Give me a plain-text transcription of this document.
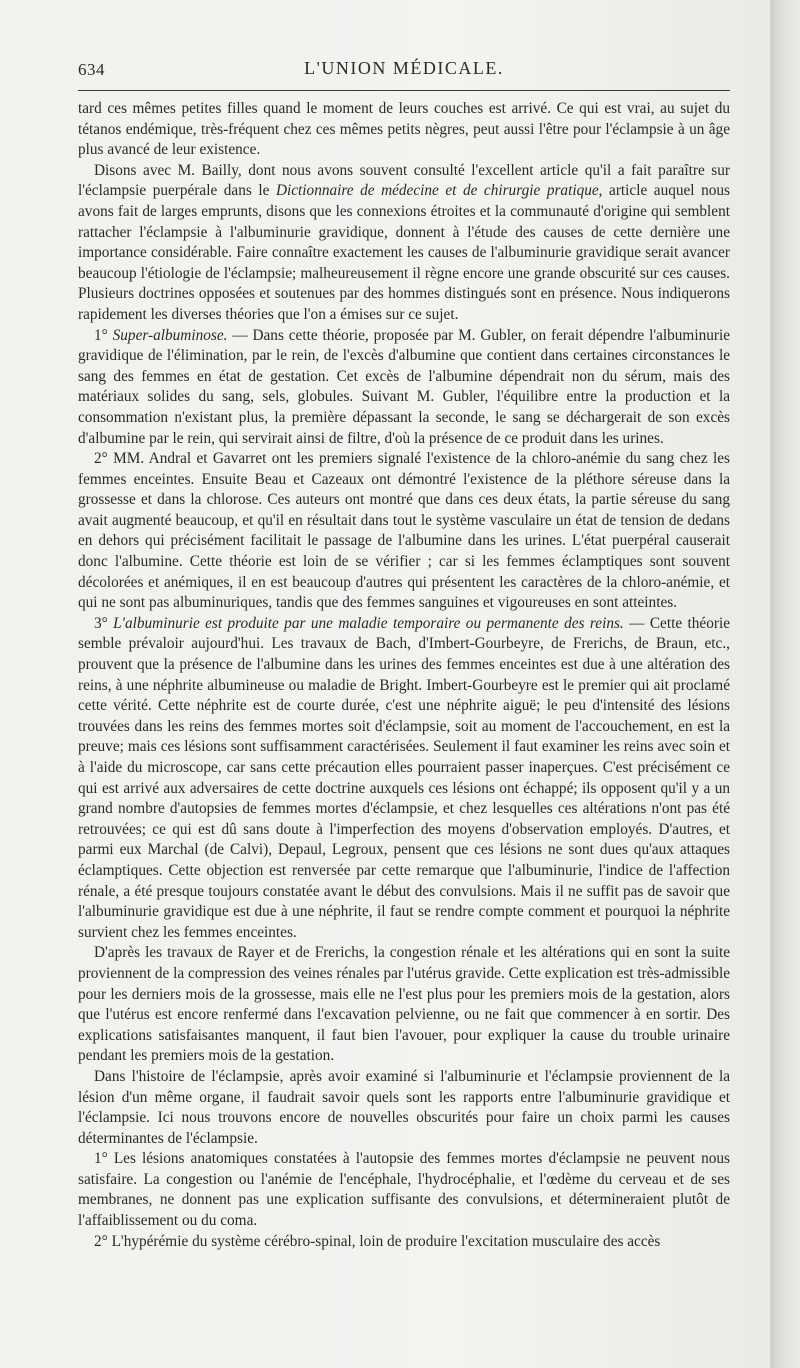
634	L'UNION MÉDICALE.

tard ces mêmes petites filles quand le moment de leurs couches est arrivé. Ce qui est vrai, au sujet du tétanos endémique, très-fréquent chez ces mêmes petits nègres, peut aussi l'être pour l'éclampsie à un âge plus avancé de leur existence.

Disons avec M. Bailly, dont nous avons souvent consulté l'excellent article qu'il a fait paraître sur l'éclampsie puerpérale dans le Dictionnaire de médecine et de chirurgie pratique, article auquel nous avons fait de larges emprunts, disons que les connexions étroites et la communauté d'origine qui semblent rattacher l'éclampsie à l'albuminurie gravidique, donnent à l'étude des causes de cette dernière une importance considérable. Faire connaître exactement les causes de l'albuminurie gravidique serait avancer beaucoup l'étiologie de l'éclampsie; malheureusement il règne encore une grande obscurité sur ces causes. Plusieurs doctrines opposées et soutenues par des hommes distingués sont en présence. Nous indiquerons rapidement les diverses théories que l'on a émises sur ce sujet.

1° Super-albuminose. — Dans cette théorie, proposée par M. Gubler, on ferait dépendre l'albuminurie gravidique de l'élimination, par le rein, de l'excès d'albumine que contient dans certaines circonstances le sang des femmes en état de gestation. Cet excès de l'albumine dépendrait non du sérum, mais des matériaux solides du sang, sels, globules. Suivant M. Gubler, l'équilibre entre la production et la consommation n'existant plus, la première dépassant la seconde, le sang se déchargerait de son excès d'albumine par le rein, qui servirait ainsi de filtre, d'où la présence de ce produit dans les urines.

2° MM. Andral et Gavarret ont les premiers signalé l'existence de la chloro-anémie du sang chez les femmes enceintes. Ensuite Beau et Cazeaux ont démontré l'existence de la pléthore séreuse dans la grossesse et dans la chlorose. Ces auteurs ont montré que dans ces deux états, la partie séreuse du sang avait augmenté beaucoup, et qu'il en résultait dans tout le système vasculaire un état de tension de dedans en dehors qui précisément facilitait le passage de l'albumine dans les urines. L'état puerpéral causerait donc l'albumine. Cette théorie est loin de se vérifier ; car si les femmes éclamptiques sont souvent décolorées et anémiques, il en est beaucoup d'autres qui présentent les caractères de la chloro-anémie, et qui ne sont pas albuminuriques, tandis que des femmes sanguines et vigoureuses en sont atteintes.

3° L'albuminurie est produite par une maladie temporaire ou permanente des reins. — Cette théorie semble prévaloir aujourd'hui. Les travaux de Bach, d'Imbert-Gourbeyre, de Frerichs, de Braun, etc., prouvent que la présence de l'albumine dans les urines des femmes enceintes est due à une altération des reins, à une néphrite albumineuse ou maladie de Bright. Imbert-Gourbeyre est le premier qui ait proclamé cette vérité. Cette néphrite est de courte durée, c'est une néphrite aiguë; le peu d'intensité des lésions trouvées dans les reins des femmes mortes soit d'éclampsie, soit au moment de l'accouchement, en est la preuve; mais ces lésions sont suffisamment caractérisées. Seulement il faut examiner les reins avec soin et à l'aide du microscope, car sans cette précaution elles pourraient passer inaperçues. C'est précisément ce qui est arrivé aux adversaires de cette doctrine auxquels ces lésions ont échappé; ils opposent qu'il y a un grand nombre d'autopsies de femmes mortes d'éclampsie, et chez lesquelles ces altérations n'ont pas été retrouvées; ce qui est dû sans doute à l'imperfection des moyens d'observation employés. D'autres, et parmi eux Marchal (de Calvi), Depaul, Legroux, pensent que ces lésions ne sont dues qu'aux attaques éclamptiques. Cette objection est renversée par cette remarque que l'albuminurie, l'indice de l'affection rénale, a été presque toujours constatée avant le début des convulsions. Mais il ne suffit pas de savoir que l'albuminurie gravidique est due à une néphrite, il faut se rendre compte comment et pourquoi la néphrite survient chez les femmes enceintes.

D'après les travaux de Rayer et de Frerichs, la congestion rénale et les altérations qui en sont la suite proviennent de la compression des veines rénales par l'utérus gravide. Cette explication est très-admissible pour les derniers mois de la grossesse, mais elle ne l'est plus pour les premiers mois de la gestation, alors que l'utérus est encore renfermé dans l'excavation pelvienne, ou ne fait que commencer à en sortir. Des explications satisfaisantes manquent, il faut bien l'avouer, pour expliquer la cause du trouble urinaire pendant les premiers mois de la gestation.

Dans l'histoire de l'éclampsie, après avoir examiné si l'albuminurie et l'éclampsie proviennent de la lésion d'un même organe, il faudrait savoir quels sont les rapports entre l'albuminurie gravidique et l'éclampsie. Ici nous trouvons encore de nouvelles obscurités pour faire un choix parmi les causes déterminantes de l'éclampsie.

1° Les lésions anatomiques constatées à l'autopsie des femmes mortes d'éclampsie ne peuvent nous satisfaire. La congestion ou l'anémie de l'encéphale, l'hydrocéphalie, et l'œdème du cerveau et de ses membranes, ne donnent pas une explication suffisante des convulsions, et détermineraient plutôt de l'affaiblissement ou du coma.

2° L'hypérémie du système cérébro-spinal, loin de produire l'excitation musculaire des accès
